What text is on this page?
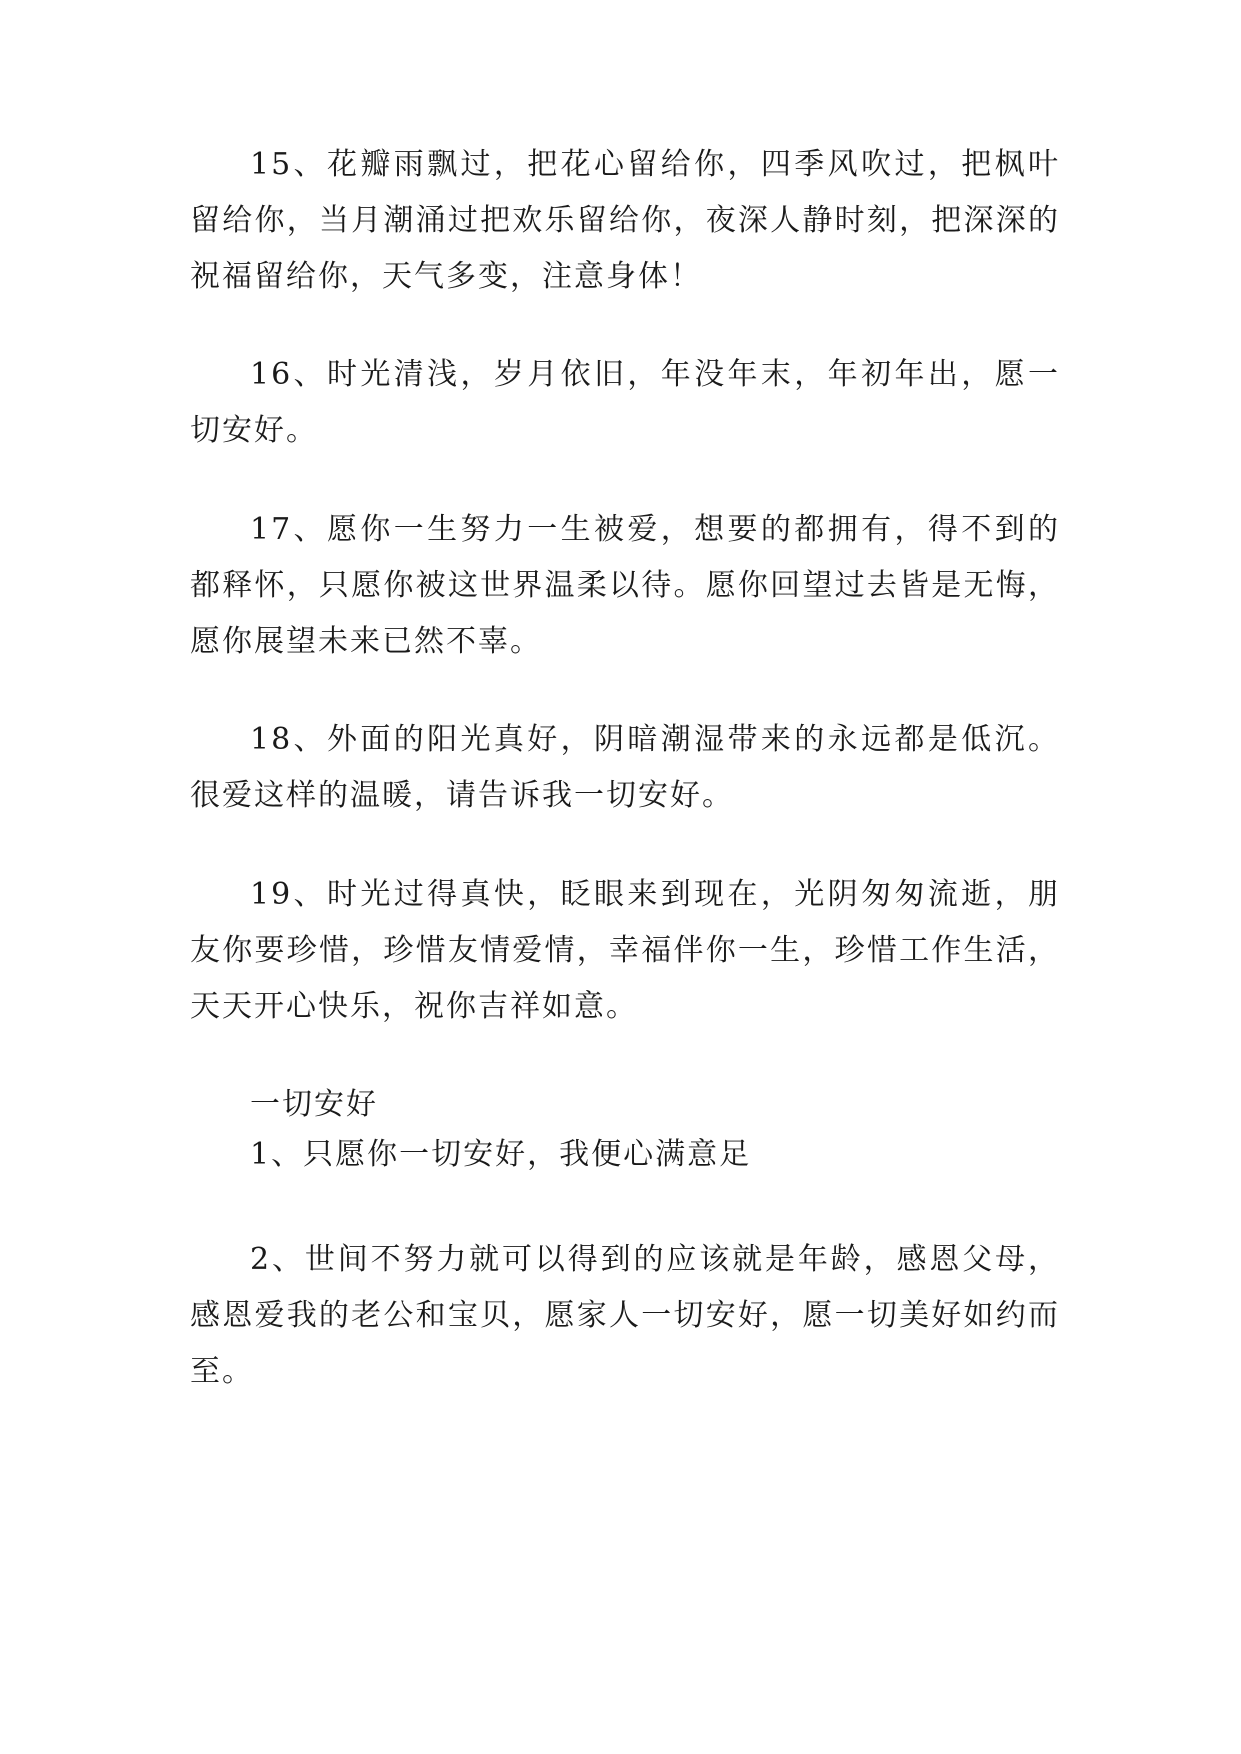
15、花瓣雨飘过，把花心留给你，四季风吹过，把枫叶留给你，当月潮涌过把欢乐留给你，夜深人静时刻，把深深的祝福留给你，天气多变，注意身体！

16、时光清浅，岁月依旧，年没年末，年初年出，愿一切安好。

17、愿你一生努力一生被爱，想要的都拥有，得不到的都释怀，只愿你被这世界温柔以待。愿你回望过去皆是无悔，愿你展望未来已然不辜。

18、外面的阳光真好，阴暗潮湿带来的永远都是低沉。很爱这样的温暖，请告诉我一切安好。

19、时光过得真快，眨眼来到现在，光阴匆匆流逝，朋友你要珍惜，珍惜友情爱情，幸福伴你一生，珍惜工作生活，天天开心快乐，祝你吉祥如意。

一切安好

1、只愿你一切安好，我便心满意足

2、世间不努力就可以得到的应该就是年龄，感恩父母，感恩爱我的老公和宝贝，愿家人一切安好，愿一切美好如约而至。
